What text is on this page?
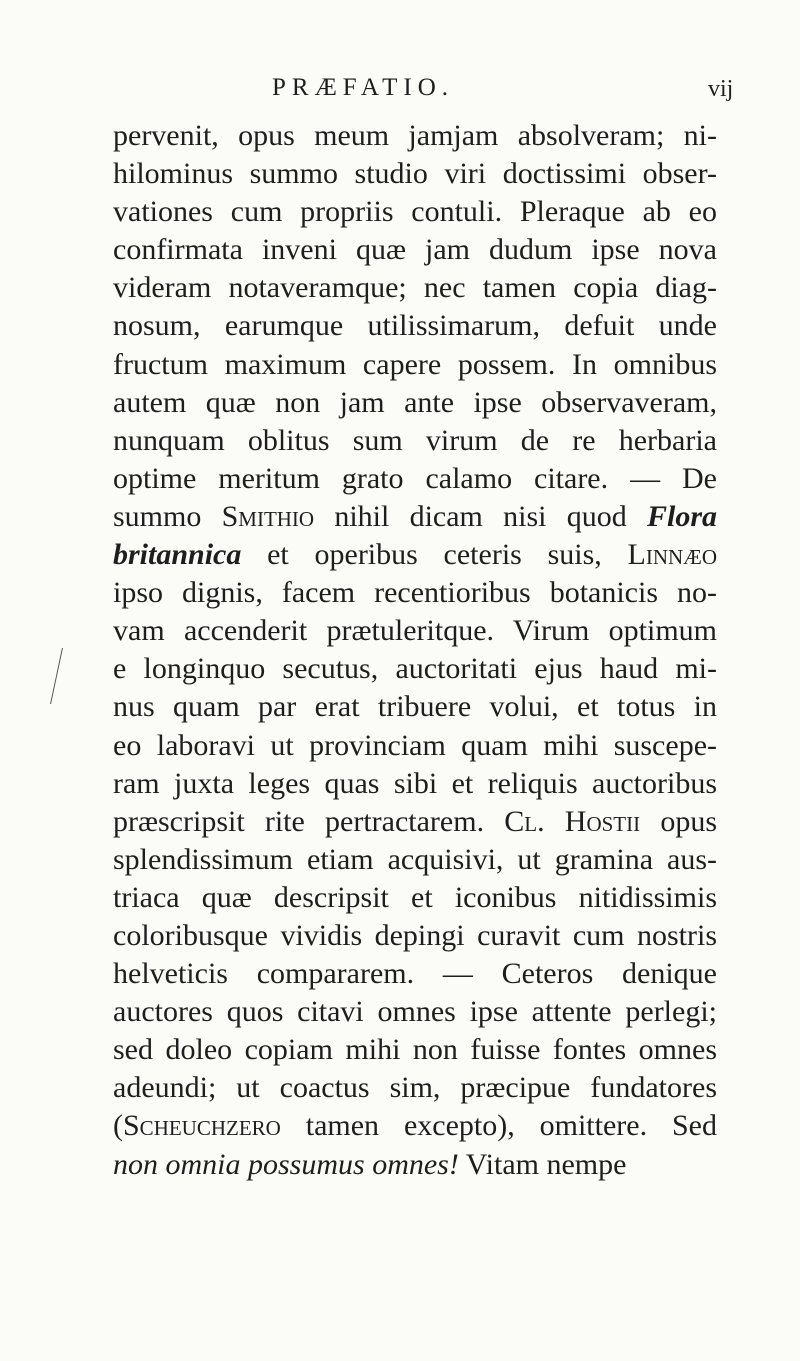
PRÆFATIO.	vij
pervenit, opus meum jamjam absolveram; ni-
hilominus summo studio viri doctissimi obser-
vationes cum propriis contuli. Pleraque ab eo
confirmata inveni quæ jam dudum ipse nova
videram notaveramque; nec tamen copia diag-
nosum, earumque utilissimarum, defuit unde
fructum maximum capere possem. In omnibus
autem quæ non jam ante ipse observaveram,
nunquam oblitus sum virum de re herbaria
optime meritum grato calamo citare. — De
summo Smithio nihil dicam nisi quod Flora
britannica et operibus ceteris suis, Linnæo
ipso dignis, facem recentioribus botanicis no-
vam accenderit prætuleritque. Virum optimum
e longinquo secutus, auctoritati ejus haud mi-
nus quam par erat tribuere volui, et totus in
eo laboravi ut provinciam quam mihi suscepe-
ram juxta leges quas sibi et reliquis auctoribus
præscripsit rite pertractarem. Cl. Hostii opus
splendissimum etiam acquisivi, ut gramina aus-
triaca quæ descripsit et iconibus nitidissimis
coloribusque vividis depingi curavit cum nostris
helveticis compararem. — Ceteros denique
auctores quos citavi omnes ipse attente perlegi;
sed doleo copiam mihi non fuisse fontes omnes
adeundi; ut coactus sim, præcipue fundatores
(Scheuchzero tamen excepto), omittere. Sed
non omnia possumus omnes! Vitam nempe
